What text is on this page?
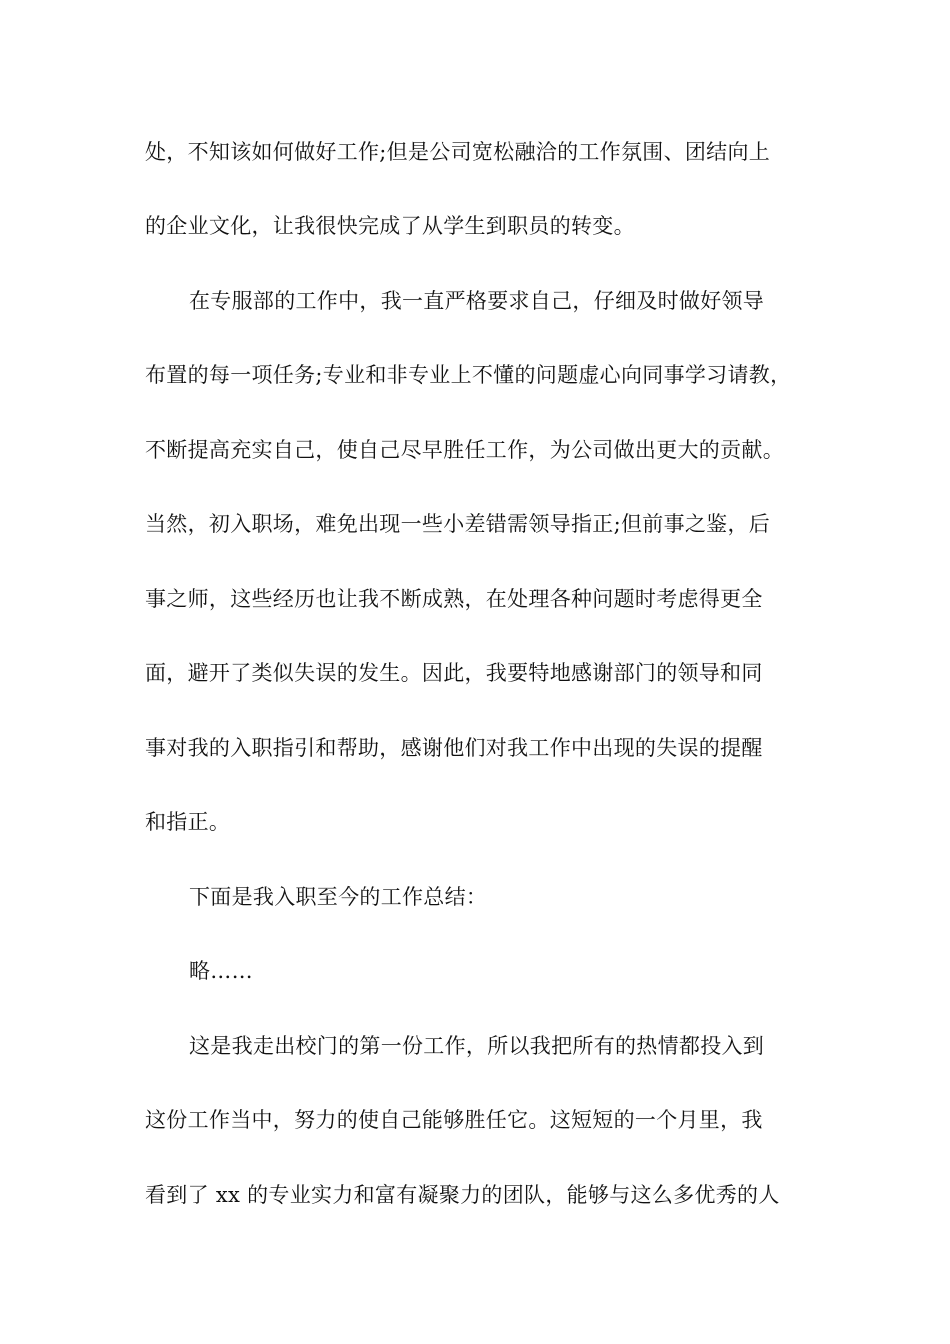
处，不知该如何做好工作;但是公司宽松融洽的工作氛围、团结向上
的企业文化，让我很快完成了从学生到职员的转变。
在专服部的工作中，我一直严格要求自己，仔细及时做好领导
布置的每一项任务;专业和非专业上不懂的问题虚心向同事学习请教，
不断提高充实自己，使自己尽早胜任工作，为公司做出更大的贡献。
当然，初入职场，难免出现一些小差错需领导指正;但前事之鉴，后
事之师，这些经历也让我不断成熟，在处理各种问题时考虑得更全
面，避开了类似失误的发生。因此，我要特地感谢部门的领导和同
事对我的入职指引和帮助，感谢他们对我工作中出现的失误的提醒
和指正。
下面是我入职至今的工作总结：
略……
这是我走出校门的第一份工作，所以我把所有的热情都投入到
这份工作当中，努力的使自己能够胜任它。这短短的一个月里，我
看到了 xx 的专业实力和富有凝聚力的团队，能够与这么多优秀的人
